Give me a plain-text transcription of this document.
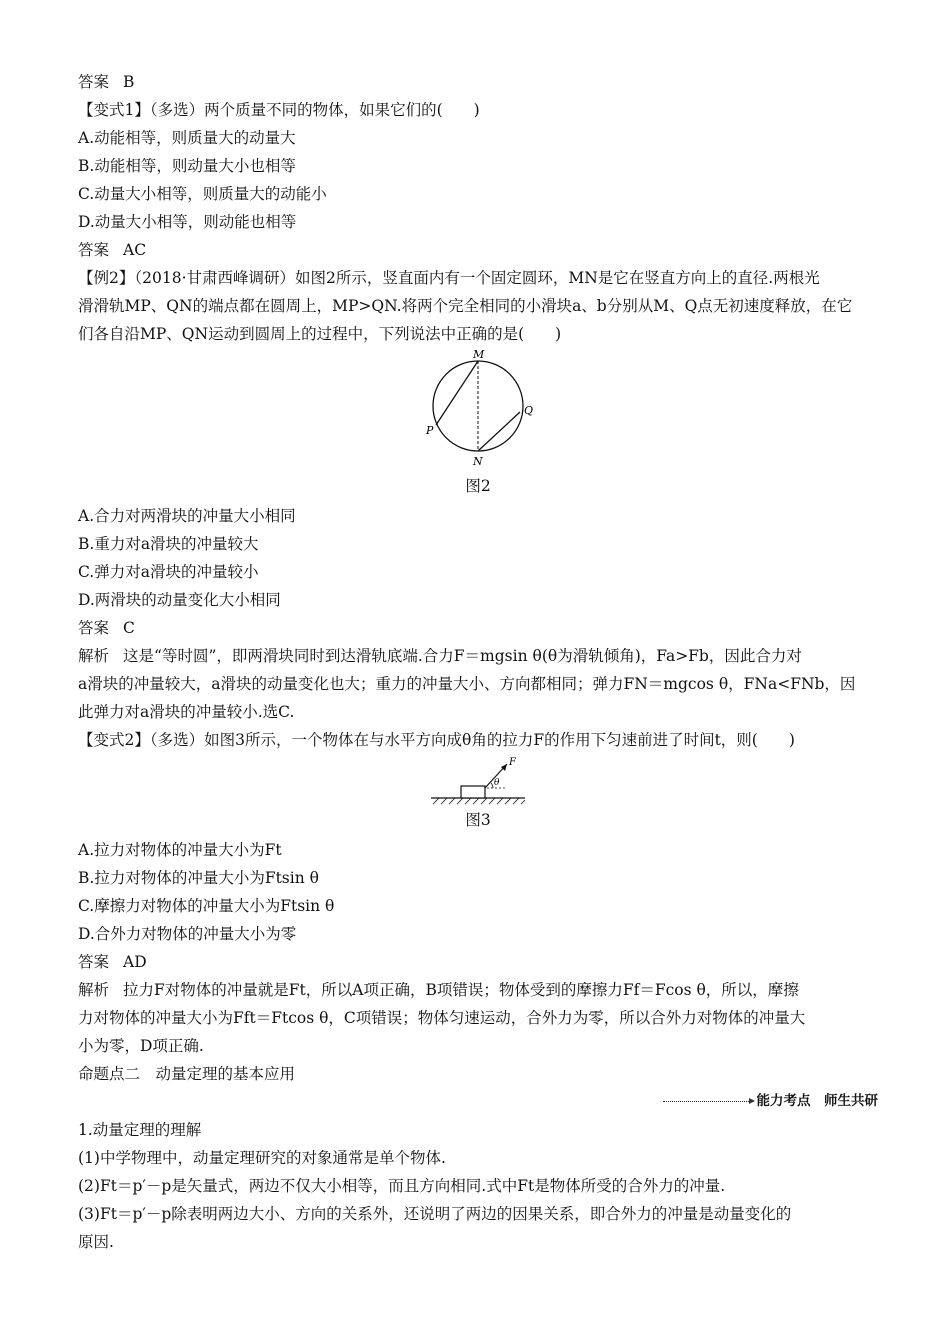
答案 B
【变式1】（多选）两个质量不同的物体，如果它们的(　　)
A.动能相等，则质量大的动量大
B.动能相等，则动量大小也相等
C.动量大小相等，则质量大的动能小
D.动量大小相等，则动能也相等
答案 AC
【例2】（2018·甘肃西峰调研）如图2所示，竖直面内有一个固定圆环，MN是它在竖直方向上的直径.两根光
滑滑轨MP、QN的端点都在圆周上，MP>QN.将两个完全相同的小滑块a、b分别从M、Q点无初速度释放，在它
们各自沿MP、QN运动到圆周上的过程中，下列说法中正确的是(　　)
M
N
P
Q
图2
A.合力对两滑块的冲量大小相同
B.重力对a滑块的冲量较大
C.弹力对a滑块的冲量较小
D.两滑块的动量变化大小相同
答案 C
解析 这是“等时圆”，即两滑块同时到达滑轨底端.合力F＝mgsin θ(θ为滑轨倾角)，Fa>Fb，因此合力对
a滑块的冲量较大，a滑块的动量变化也大；重力的冲量大小、方向都相同；弹力FN＝mgcos θ，FNa<FNb，因
此弹力对a滑块的冲量较小.选C.
【变式2】（多选）如图3所示，一个物体在与水平方向成θ角的拉力F的作用下匀速前进了时间t，则(　　)
F
θ
图3
A.拉力对物体的冲量大小为Ft
B.拉力对物体的冲量大小为Ftsin θ
C.摩擦力对物体的冲量大小为Ftsin θ
D.合外力对物体的冲量大小为零
答案 AD
解析 拉力F对物体的冲量就是Ft，所以A项正确，B项错误；物体受到的摩擦力Ff＝Fcos θ，所以，摩擦
力对物体的冲量大小为Fft＝Ftcos θ，C项错误；物体匀速运动，合外力为零，所以合外力对物体的冲量大
小为零，D项正确.
命题点二　动量定理的基本应用
能力考点　师生共研
1.动量定理的理解
(1)中学物理中，动量定理研究的对象通常是单个物体.
(2)Ft＝p′－p是矢量式，两边不仅大小相等，而且方向相同.式中Ft是物体所受的合外力的冲量.
(3)Ft＝p′－p除表明两边大小、方向的关系外，还说明了两边的因果关系，即合外力的冲量是动量变化的
原因.
